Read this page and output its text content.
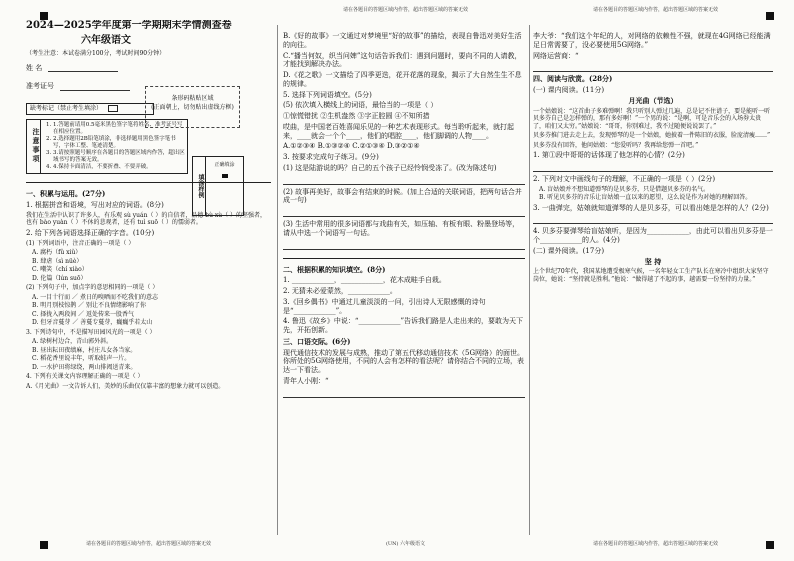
请在各题目的答题区域内作答，超出答题区域的答案无效	请在各题目的答题区域内作答，超出答题区域的答案无效
请在各题目的答题区域内作答，超出答题区域的答案无效	(UN) 六年级语文	请在各题目的答题区域内作答，超出答题区域的答案无效
2024—2025学年度第一学期期末学情测查卷
六年级语文
（考生注意：本试卷满分100分，考试时间90分钟）
姓 名
准考证号
缺考标记（禁止考生填涂）
注意事项
1. 1.答题前请用0.5毫米黑色签字笔将姓名、准考证号写在相应位置。
2. 2.选择题用2B铅笔填涂，非选择题用黑色签字笔书写，字体工整、笔迹清楚。
3. 3.请按照题号顺序在各题目的答题区域内作答，超出区域书写的答案无效。
4. 4.保持卡面清洁，不要折叠、不要弄破。
一、积累与运用。(27分)
1. 根据拼音和语境，写出对应的词语。(8分)
我们在生活中认识了许多人，有乐观 sù yuán（ ）的自信者，品德 bù xù（ ）的坚强者，也有 bào yuàn（ ）不休的悲观者，还有 tuì suō（ ）的懦弱者。
2. 给下列各词语选择正确的字音。(10分)
(1) 下列词语中，注音正确的一项是（ ）
A. 腐朽（fǔ xiǔ）
B. 肆虐（sì nüè）
C. 嘲笑（chí xiào）
D. 伦篇（lún suō）
(2) 下列句子中，加点字的意思相同的一项是（ ）
A. 一目十行而 ／ 煮日的嗅晒而不吃我们的意志
B. 明月别枝惊鹊 ／ 别让不良情绪影响了你
C. 择拢入两段间 ／ 返处传来一股香气
D. 但牙音蔓芽 ／ 善蔓专蔓芽，巍巍乎若太山
3. 下列诗句中，不是描写田园风光的一项是（ ）
A. 绿树村边合，青山郭外斜。
B. 昼出耘田夜绩麻，村庄儿女各当家。
C. 稻花香里说丰年，听取蛙声一片。
D. 一水护田将绿绕，两山排闼送青来。
4. 下列有关课文内容理解正确的一项是（ ）
A.《月光曲》一文告诉人们，美妙的乐曲仅仅靠丰富的想象力就可以创造。
条形码粘贴区域
(正面朝上，切勿贴出虚线方框)
填涂样例
正确填涂
B.《好的故事》一文通过对梦境里“好的故事”的描绘，表现自鲁迅对美好生活的向往。
C.“播当何奴，织当问婢”这句话告诉我们：遇到问题时，要向不同的人请教，才能找到解决办法。
D.《花之歌》一文描绘了四季更迭，花开花落的现象，揭示了大自然生生不息的规律。
5. 选择下列词语填空。(5分)
(5) 依次填入横线上的词语，最恰当的一项是（ ）
①惊慌错扰 ②生机盎然 ③字正腔圆 ④不知所措
哎曲，是中国老百姓喜闻乐见的一种艺术表现形式。每当聆听起来，就打起来，____就会一个个____，他们的唱腔____，他们脚调的人物____。
A.①②③④ B.①③②④ C.②①③④ D.③②①④
3. 按要求完成句子练习。(9分)
(1) 这是陆游说的吗？自己的五个孩子已经怜悯受冻了。(改为陈述句)
(2) 故事再美好，故事会有结束的时候。(加上合适的关联词语，把两句话合并成一句)
(3) 生活中常用的很多词语都与戏曲有关，如压轴、有板有眼、粉墨登场等，请从中选一个词语写一句话。
二、根据积累的知识填空。(8分)
1. ____________，____________，花木成畦手自栽。
2. 无猜未必爱蒙然，____________。
3.《回乡偶书》中通过儿童淡淡的一问，引出诗人无限感慨的诗句是“____________”。
4. 鲁迅《故乡》中说：“____________”告诉我们路是人走出来的，要敢为天下先，开拓创新。
三、口语交际。(6分)
现代通信技术的发展与成熟，推动了第五代移动通信技术（5G网络）的面世。你所处的5G网络使用，不同的人会有怎样的看法呢？请你结合不同的立场，表达一下看法。
青年人小刚：“
李大爷：“我们这个年纪的人，对网络的依赖性不强，就现在4G网络已经能满足日常需要了，没必要使用5G网络。”
网络运营商：“
四、阅读与欣赏。(28分)
(一) 课内阅读。(11分)
月光曲（节选）
一个姑娘说：“这首曲子多难弹啊！我只听别人弹过几遍，总是记不住谱子，要是能听一听贝多芬自己是怎样弹的，那有多好啊！”一个男的说：“是啊，可是音乐会的入场券太贵了，咱们又太穷。”姑娘说：“哥哥，你别难过，我不过随便说说罢了。”
贝多芬推门进去走上去，发现弹琴的是一个姑娘，她披着一件陈旧的衣服，脸庞清瘦……”
贝多芬没有回答，他问姑娘：“您爱听吗？我再给您弹一首吧。”
1. 第①段中哥哥的话体现了他怎样的心情？(2分)
2. 下列对文中画线句子的理解，不正确的一项是（ ）(2分)
A. 盲姑娘并不想知道弹琴的是贝多芬，只是借题贝多芬的名气。
B. 听见贝多芬的音乐让盲姑娘一直以来的愿望，这么说是作为对她的理解回答。
3. 一曲弹完，姑娘就知道弹琴的人是贝多芬，可以看出她是怎样的人？(2分)
4. 贝多芬要弹琴给盲姑娘听，是因为____________，由此可以看出贝多芬是一个____________的人。(4分)
(二) 课外阅读。(17分)
坚 持
上个世纪70年代，我国某地遭受极寒气候，一名年轻女工生产队长在寒冷中组织大家坚守岗位，她说：“坚持就是胜利。”他说：“做得越了不起的事，越需要一份坚持的力量。”
